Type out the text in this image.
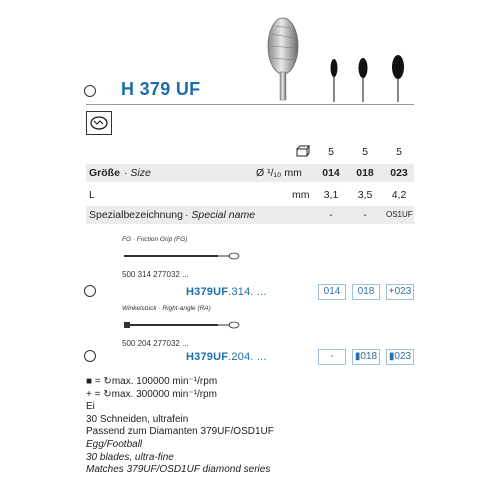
H 379 UF
5	5	5
Größe · Size	Ø ¹/₁₀ mm	014	018	023
L	mm	3,1	3,5	4,2
Spezialbezeichnung · Special name	-	-	OS1UF
FG · Friction Grip (FG)
500 314 277032 ...
H379UF.314. ...	014	018	+023
Winkelstück · Right-angle (RA)
500 204 277032 ...
H379UF.204. ...	-	▮018 ▮023
■ = ↻max. 100000 min⁻¹/rpm
+ = ↻max. 300000 min⁻¹/rpm
Ei
30 Schneiden, ultrafein
Passend zum Diamanten 379UF/OSD1UF
Egg/Football
30 blades, ultra-fine
Matches 379UF/OSD1UF diamond series
